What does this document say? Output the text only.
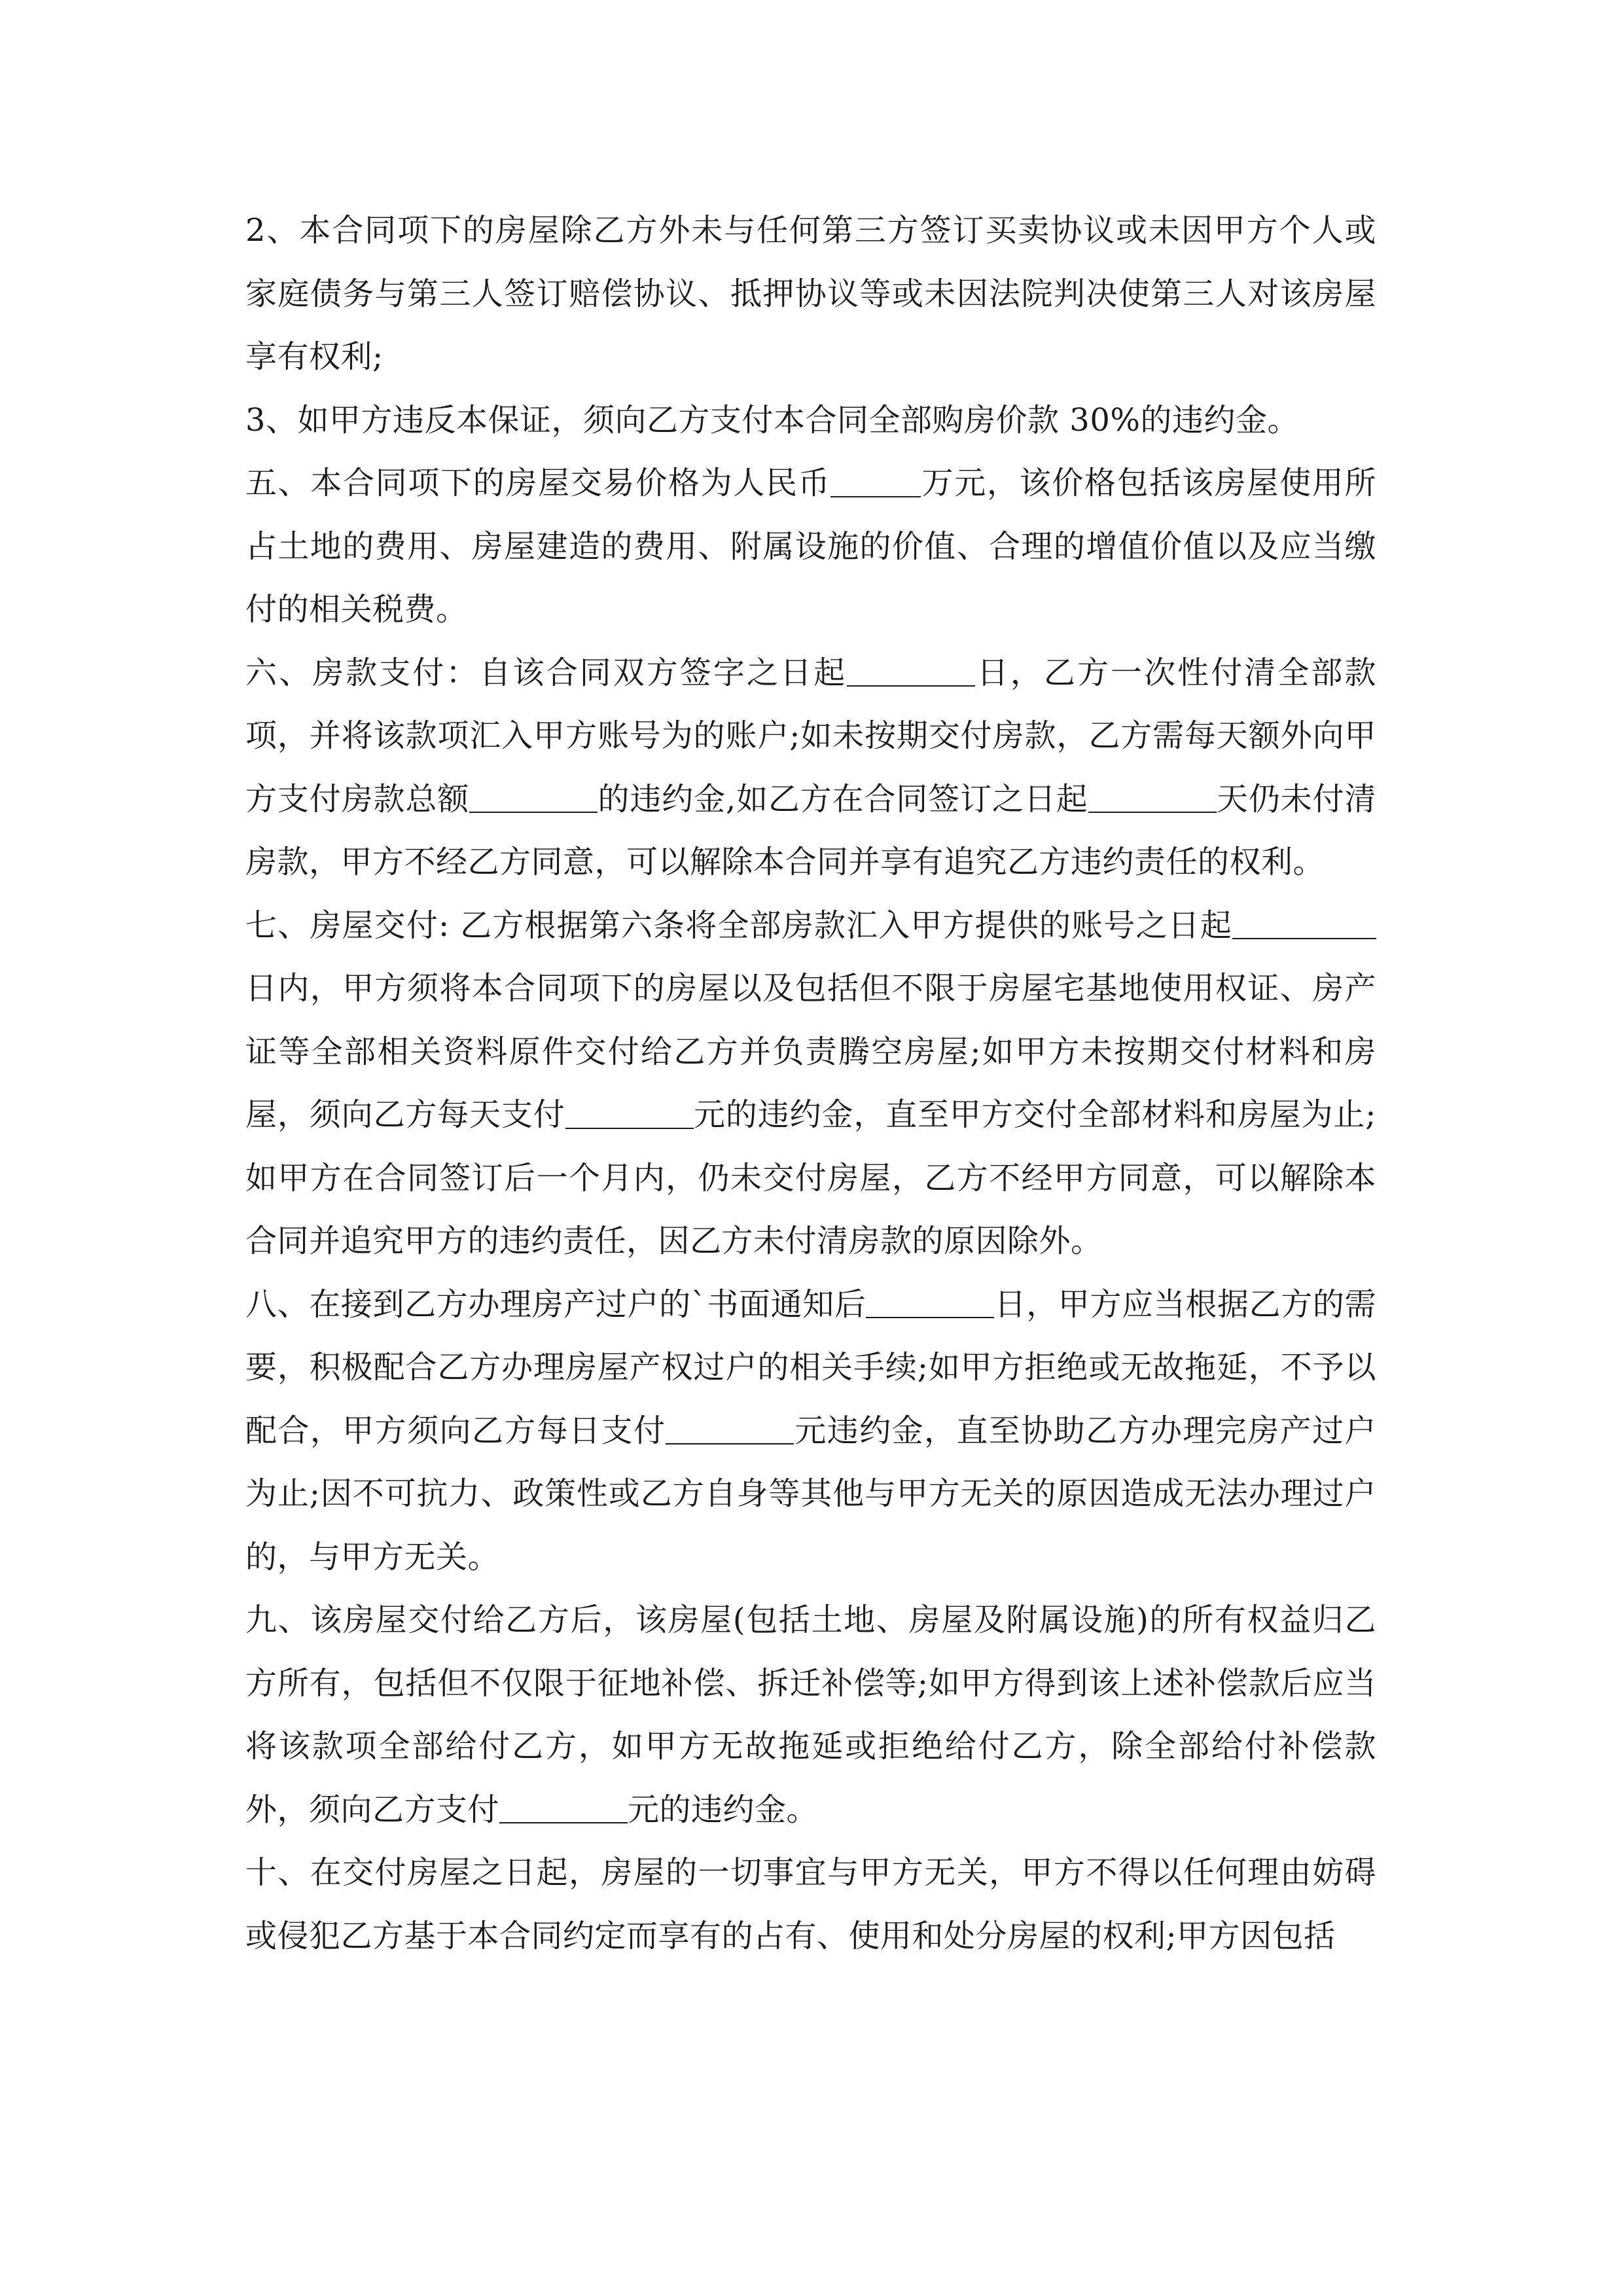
2、本合同项下的房屋除乙方外未与任何第三方签订买卖协议或未因甲方个人或家庭债务与第三人签订赔偿协议、抵押协议等或未因法院判决使第三人对该房屋享有权利;

3、如甲方违反本保证，须向乙方支付本合同全部购房价款 30%的违约金。

五、本合同项下的房屋交易价格为人民币	万元，该价格包括该房屋使用所占土地的费用、房屋建造的费用、附属设施的价值、合理的增值价值以及应当缴付的相关税费。

六、房款支付：自该合同双方签字之日起	日，乙方一次性付清全部款项，并将该款项汇入甲方账号为的账户;如未按期交付房款，乙方需每天额外向甲方支付房款总额	的违约金,如乙方在合同签订之日起	天仍未付清房款，甲方不经乙方同意，可以解除本合同并享有追究乙方违约责任的权利。

七、房屋交付: 乙方根据第六条将全部房款汇入甲方提供的账号之日起日内，甲方须将本合同项下的房屋以及包括但不限于房屋宅基地使用权证、房产证等全部相关资料原件交付给乙方并负责腾空房屋;如甲方未按期交付材料和房屋，须向乙方每天支付	元的违约金，直至甲方交付全部材料和房屋为止;如甲方在合同签订后一个月内，仍未交付房屋，乙方不经甲方同意，可以解除本合同并追究甲方的违约责任，因乙方未付清房款的原因除外。

八、在接到乙方办理房产过户的`书面通知后	日，甲方应当根据乙方的需要，积极配合乙方办理房屋产权过户的相关手续;如甲方拒绝或无故拖延，不予以配合，甲方须向乙方每日支付	元违约金，直至协助乙方办理完房产过户为止;因不可抗力、政策性或乙方自身等其他与甲方无关的原因造成无法办理过户的，与甲方无关。

九、该房屋交付给乙方后，该房屋(包括土地、房屋及附属设施)的所有权益归乙方所有，包括但不仅限于征地补偿、拆迁补偿等;如甲方得到该上述补偿款后应当将该款项全部给付乙方，如甲方无故拖延或拒绝给付乙方，除全部给付补偿款外，须向乙方支付	元的违约金。

十、在交付房屋之日起，房屋的一切事宜与甲方无关，甲方不得以任何理由妨碍或侵犯乙方基于本合同约定而享有的占有、使用和处分房屋的权利;甲方因包括
